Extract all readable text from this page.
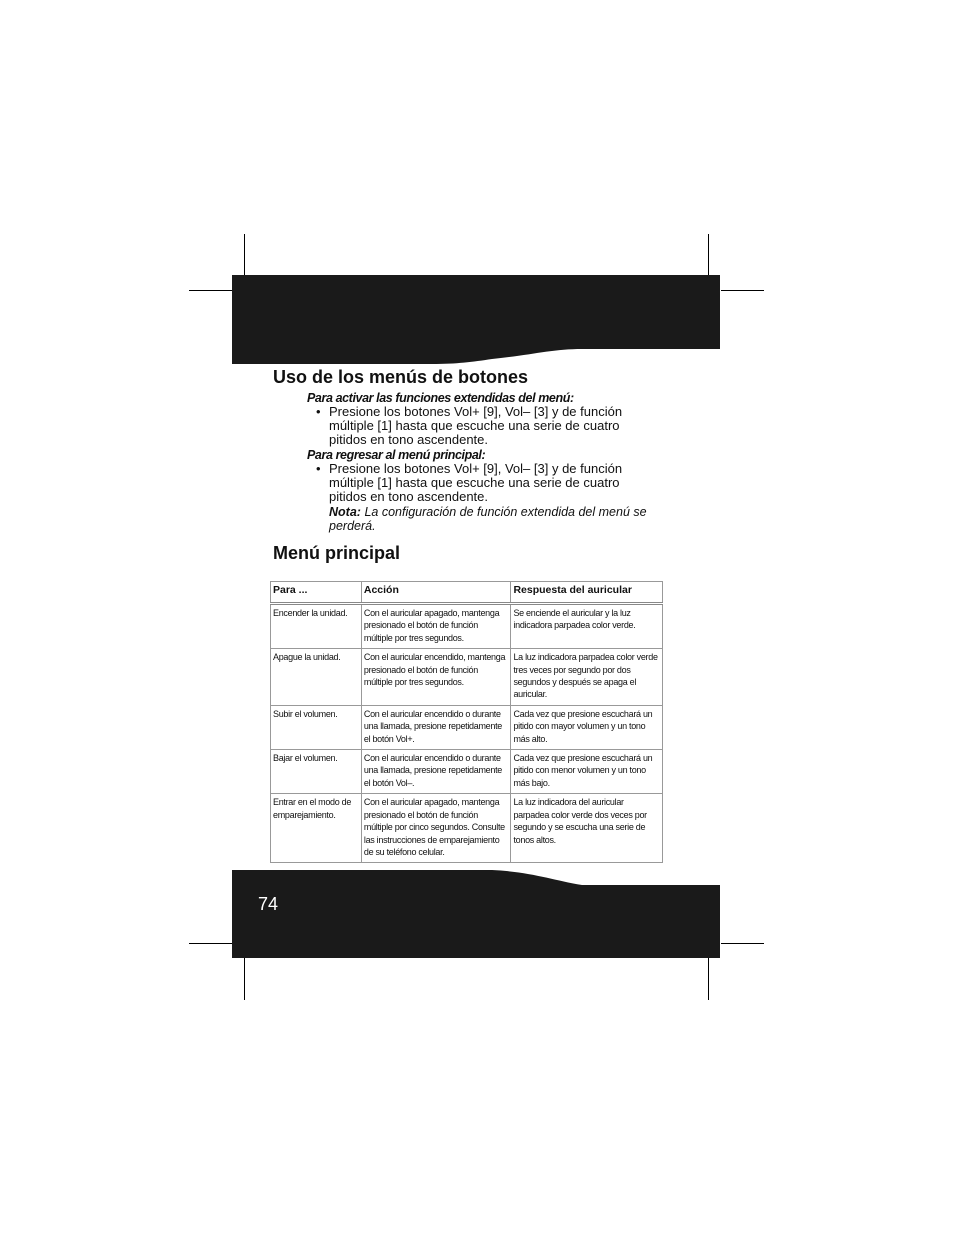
Uso de los menús de botones
Para activar las funciones extendidas del menú:
• Presione los botones Vol+ [9], Vol– [3] y de función múltiple [1] hasta que escuche una serie de cuatro pitidos en tono ascendente.
Para regresar al menú principal:
• Presione los botones Vol+ [9], Vol– [3] y de función múltiple [1] hasta que escuche una serie de cuatro pitidos en tono ascendente.
Nota: La configuración de función extendida del menú se perderá.
Menú principal
Para ...	Acción	Respuesta del auricular
Encender la unidad.	Con el auricular apagado, mantenga presionado el botón de función múltiple por tres segundos.	Se enciende el auricular y la luz indicadora parpadea color verde.
Apague la unidad.	Con el auricular encendido, mantenga presionado el botón de función múltiple por tres segundos.	La luz indicadora parpadea color verde tres veces por segundo por dos segundos y después se apaga el auricular.
Subir el volumen.	Con el auricular encendido o durante una llamada, presione repetidamente el botón Vol+.	Cada vez que presione escuchará un pitido con mayor volumen y un tono más alto.
Bajar el volumen.	Con el auricular encendido o durante una llamada, presione repetidamente el botón Vol–.	Cada vez que presione escuchará un pitido con menor volumen y un tono más bajo.
Entrar en el modo de emparejamiento.	Con el auricular apagado, mantenga presionado el botón de función múltiple por cinco segundos. Consulte las instrucciones de emparejamiento de su teléfono celular.	La luz indicadora del auricular parpadea color verde dos veces por segundo y se escucha una serie de tonos altos.
74
